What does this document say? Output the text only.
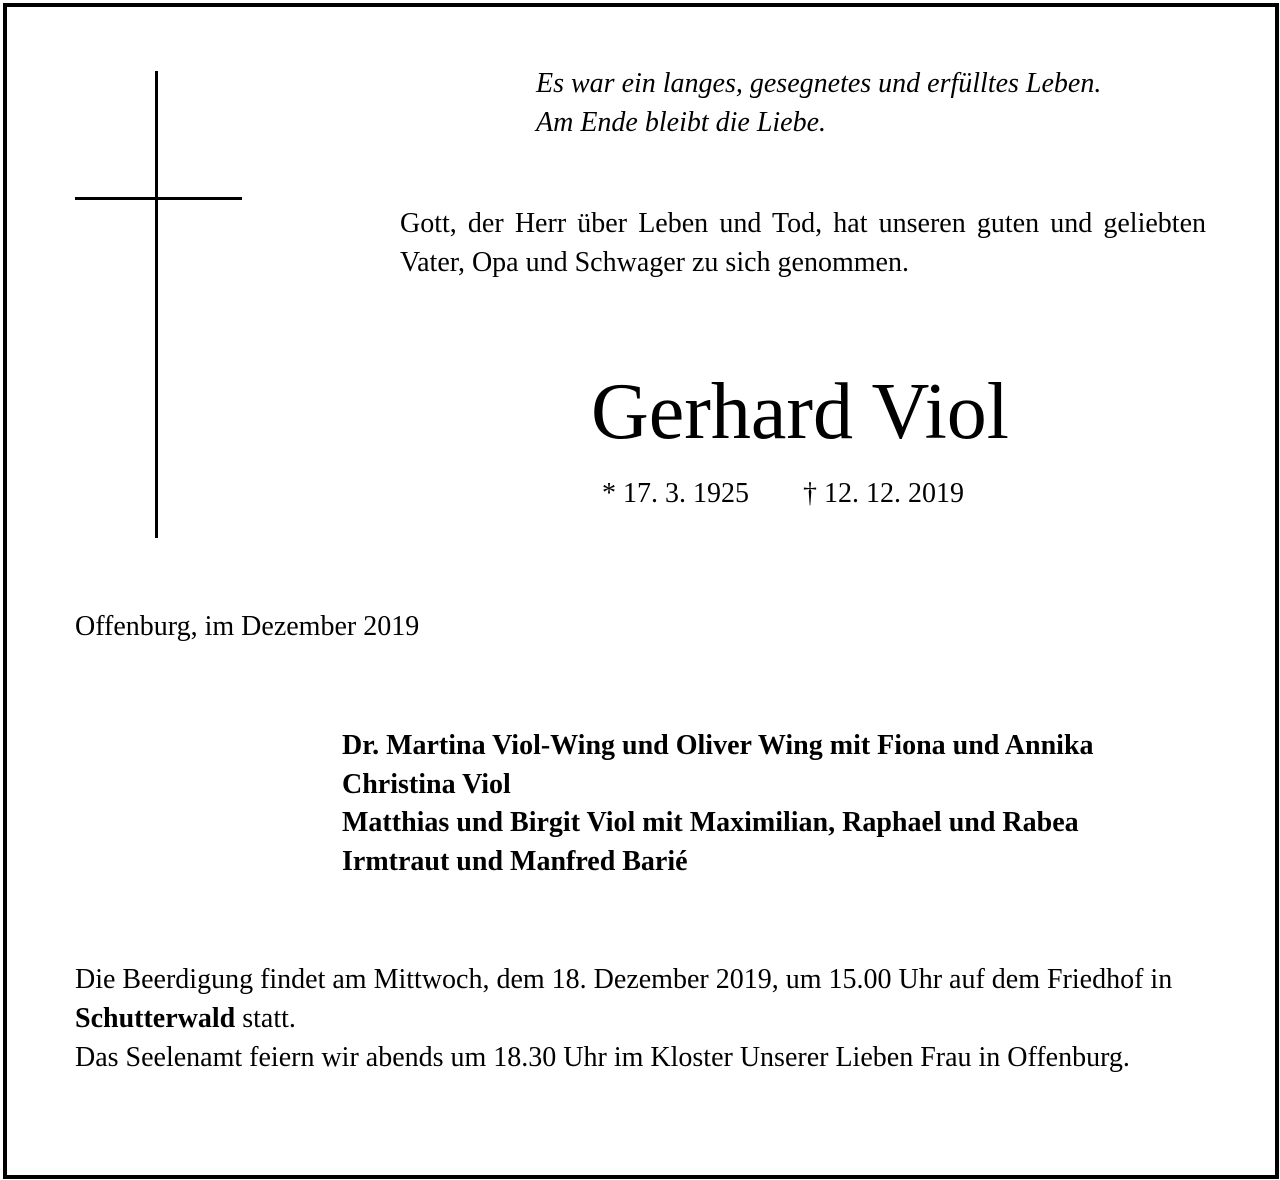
Es war ein langes, gesegnetes und erfülltes Leben.
Am Ende bleibt die Liebe.
Gott, der Herr über Leben und Tod, hat unseren guten und geliebten Vater, Opa und Schwager zu sich genommen.
Gerhard Viol
* 17. 3. 1925 † 12. 12. 2019
Offenburg, im Dezember 2019
Dr. Martina Viol-Wing und Oliver Wing mit Fiona und Annika
Christina Viol
Matthias und Birgit Viol mit Maximilian, Raphael und Rabea
Irmtraut und Manfred Barié
Die Beerdigung findet am Mittwoch, dem 18. Dezember 2019, um 15.00 Uhr auf dem Friedhof in Schutterwald statt.
Das Seelenamt feiern wir abends um 18.30 Uhr im Kloster Unserer Lieben Frau in Offenburg.
